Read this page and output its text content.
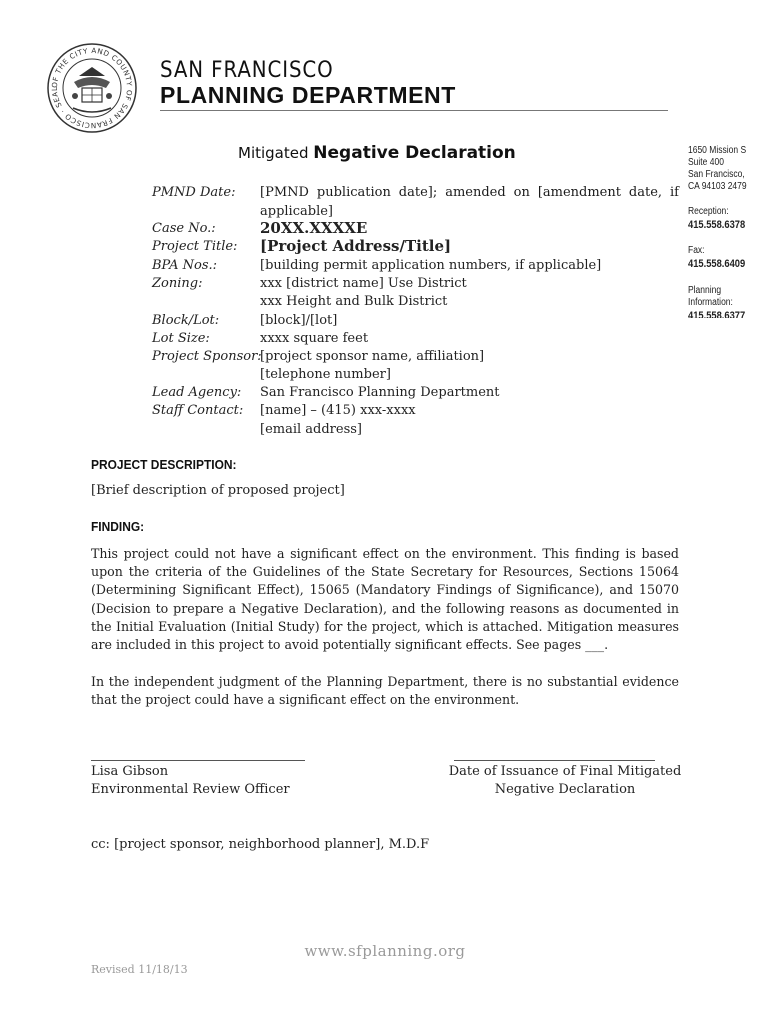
OF THE CITY AND COUNTY OF SAN FRANCISCO · SEAL
SAN FRANCISCO
PLANNING DEPARTMENT
Mitigated Negative Declaration	1650 Mission S
Suite 400
San Francisco,
CA 94103 2479
Reception:
415.558.6378
Fax:
415.558.6409
Planning
Information:
415.558.6377
PMND Date: [PMND publication date]; amended on [amendment date, if
applicable]
Case No.:	20XX.XXXXE
Project Title: [Project Address/Title]
BPA Nos.:	[building permit application numbers, if applicable]
Zoning:	xxx [district name] Use District
xxx Height and Bulk District
Block/Lot:	[block]/[lot]
Lot Size:	xxxx square feet
Project Sponsor:
[project sponsor name, affiliation]
[telephone number]
Lead Agency: San Francisco Planning Department
Staff Contact: [name] – (415) xxx-xxxx
[email address]
PROJECT DESCRIPTION:
[Brief description of proposed project]
FINDING:
This project could not have a significant effect on the environment. This finding is based
upon the criteria of the Guidelines of the State Secretary for Resources, Sections 15064
(Determining Significant Effect), 15065 (Mandatory Findings of Significance), and 15070
(Decision to prepare a Negative Declaration), and the following reasons as documented in
the Initial Evaluation (Initial Study) for the project, which is attached. Mitigation measures
are included in this project to avoid potentially significant effects. See pages ___.
In the independent judgment of the Planning Department, there is no substantial evidence
that the project could have a significant effect on the environment.
Lisa Gibson
Environmental Review Officer
Date of Issuance of Final Mitigated
Negative Declaration
cc: [project sponsor, neighborhood planner], M.D.F
www.sfplanning.org
Revised 11/18/13
